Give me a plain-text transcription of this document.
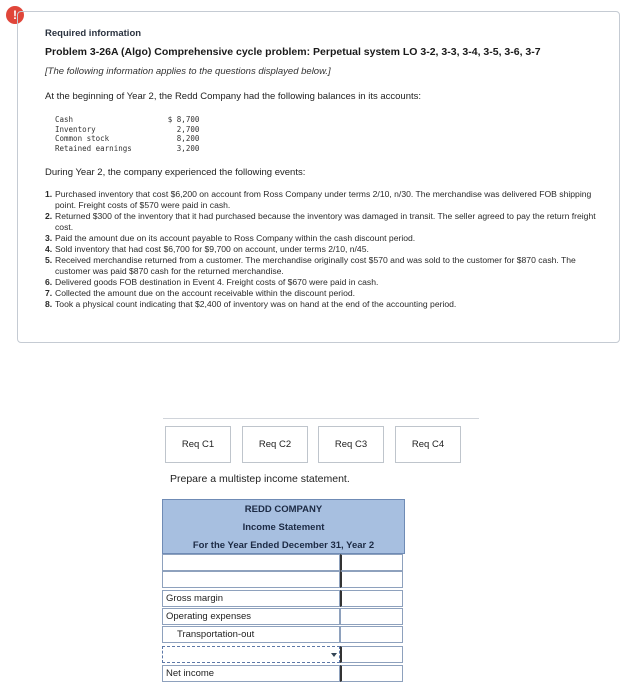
!
Required information
Problem 3-26A (Algo) Comprehensive cycle problem: Perpetual system LO 3-2, 3-3, 3-4, 3-5, 3-6, 3-7
[The following information applies to the questions displayed below.]
At the beginning of Year 2, the Redd Company had the following balances in its accounts:
Cash	$ 8,700
Inventory	2,700
Common stock	8,200
Retained earnings	3,200
During Year 2, the company experienced the following events:
1. Purchased inventory that cost $6,200 on account from Ross Company under terms 2/10, n/30. The merchandise was delivered FOB shipping point. Freight costs of $570 were paid in cash.
2. Returned $300 of the inventory that it had purchased because the inventory was damaged in transit. The seller agreed to pay the return freight cost.
3. Paid the amount due on its account payable to Ross Company within the cash discount period.
4. Sold inventory that had cost $6,700 for $9,700 on account, under terms 2/10, n/45.
5. Received merchandise returned from a customer. The merchandise originally cost $570 and was sold to the customer for $870 cash. The customer was paid $870 cash for the returned merchandise.
6. Delivered goods FOB destination in Event 4. Freight costs of $670 were paid in cash.
7. Collected the amount due on the account receivable within the discount period.
8. Took a physical count indicating that $2,400 of inventory was on hand at the end of the accounting period.
Req C1	Req C2	Req C3	Req C4
Prepare a multistep income statement.
REDD COMPANY
Income Statement
For the Year Ended December 31, Year 2
Gross margin
Operating expenses
Transportation-out
Net income
